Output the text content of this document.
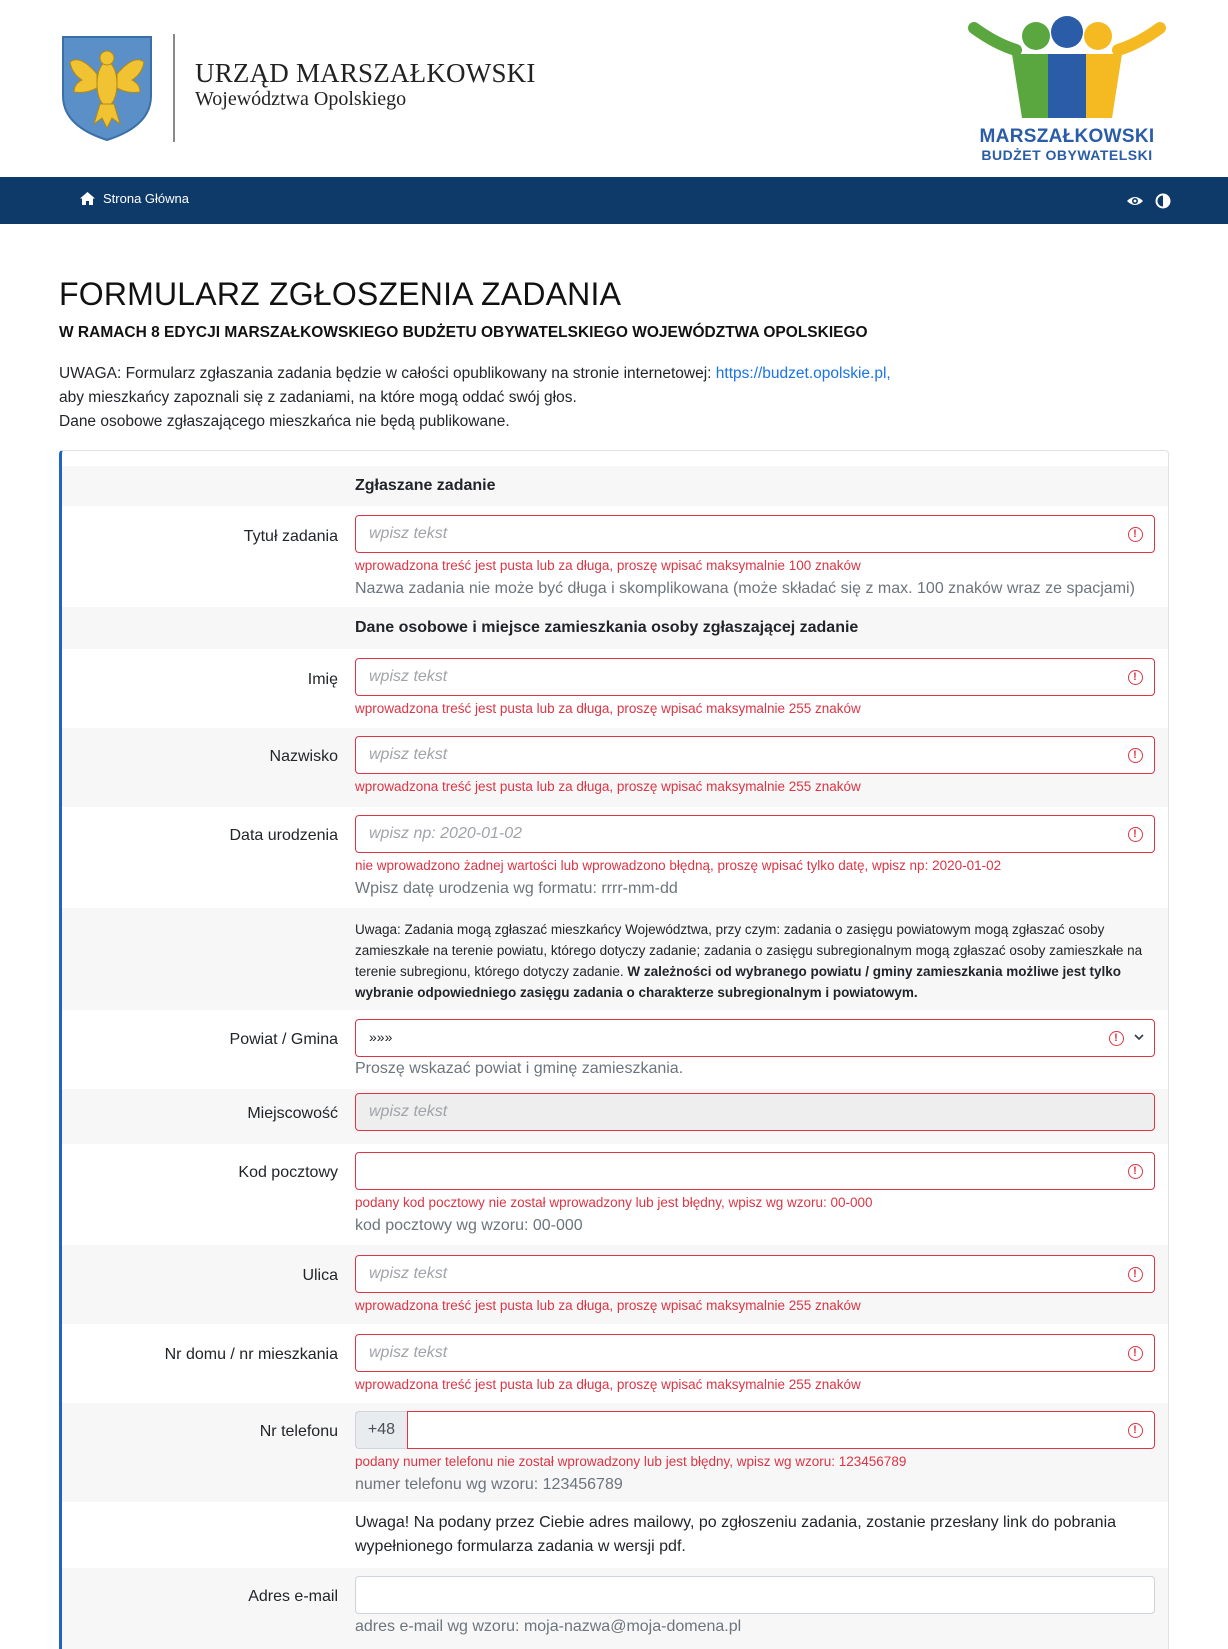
URZĄD MARSZAŁKOWSKI
Województwa Opolskiego
MARSZAŁKOWSKI
BUDŻET OBYWATELSKI
Strona Główna
FORMULARZ ZGŁOSZENIA ZADANIA
W RAMACH 8 EDYCJI MARSZAŁKOWSKIEGO BUDŻETU OBYWATELSKIEGO WOJEWÓDZTWA OPOLSKIEGO
UWAGA: Formularz zgłaszania zadania będzie w całości opublikowany na stronie internetowej: https://budzet.opolskie.pl,
aby mieszkańcy zapoznali się z zadaniami, na które mogą oddać swój głos.
Dane osobowe zgłaszającego mieszkańca nie będą publikowane.
Zgłaszane zadanie
Tytuł zadania
wpisz tekst
!
wprowadzona treść jest pusta lub za długa, proszę wpisać maksymalnie 100 znaków
Nazwa zadania nie może być długa i skomplikowana (może składać się z max. 100 znaków wraz ze spacjami)
Dane osobowe i miejsce zamieszkania osoby zgłaszającej zadanie
Imię
wpisz tekst
!
wprowadzona treść jest pusta lub za długa, proszę wpisać maksymalnie 255 znaków
Nazwisko
wpisz tekst
!
wprowadzona treść jest pusta lub za długa, proszę wpisać maksymalnie 255 znaków
Data urodzenia
wpisz np: 2020-01-02
!
nie wprowadzono żadnej wartości lub wprowadzono błędną, proszę wpisać tylko datę, wpisz np: 2020-01-02
Wpisz datę urodzenia wg formatu: rrrr-mm-dd
Uwaga: Zadania mogą zgłaszać mieszkańcy Województwa, przy czym: zadania o zasięgu powiatowym mogą zgłaszać osoby zamieszkałe na terenie powiatu, którego dotyczy zadanie; zadania o zasięgu subregionalnym mogą zgłaszać osoby zamieszkałe na terenie subregionu, którego dotyczy zadanie. W zależności od wybranego powiatu / gminy zamieszkania możliwe jest tylko wybranie odpowiedniego zasięgu zadania o charakterze subregionalnym i powiatowym.
Powiat / Gmina »»»
!
Proszę wskazać powiat i gminę zamieszkania.
Miejscowość
wpisz tekst
Kod pocztowy
!
podany kod pocztowy nie został wprowadzony lub jest błędny, wpisz wg wzoru: 00-000
kod pocztowy wg wzoru: 00-000
Ulica
wpisz tekst
!
wprowadzona treść jest pusta lub za długa, proszę wpisać maksymalnie 255 znaków
Nr domu / nr mieszkania
wpisz tekst
!
wprowadzona treść jest pusta lub za długa, proszę wpisać maksymalnie 255 znaków
Nr telefonu	+48
!
podany numer telefonu nie został wprowadzony lub jest błędny, wpisz wg wzoru: 123456789
numer telefonu wg wzoru: 123456789
Uwaga! Na podany przez Ciebie adres mailowy, po zgłoszeniu zadania, zostanie przesłany link do pobrania wypełnionego formularza zadania w wersji pdf.
Adres e-mail
adres e-mail wg wzoru: moja-nazwa@moja-domena.pl
